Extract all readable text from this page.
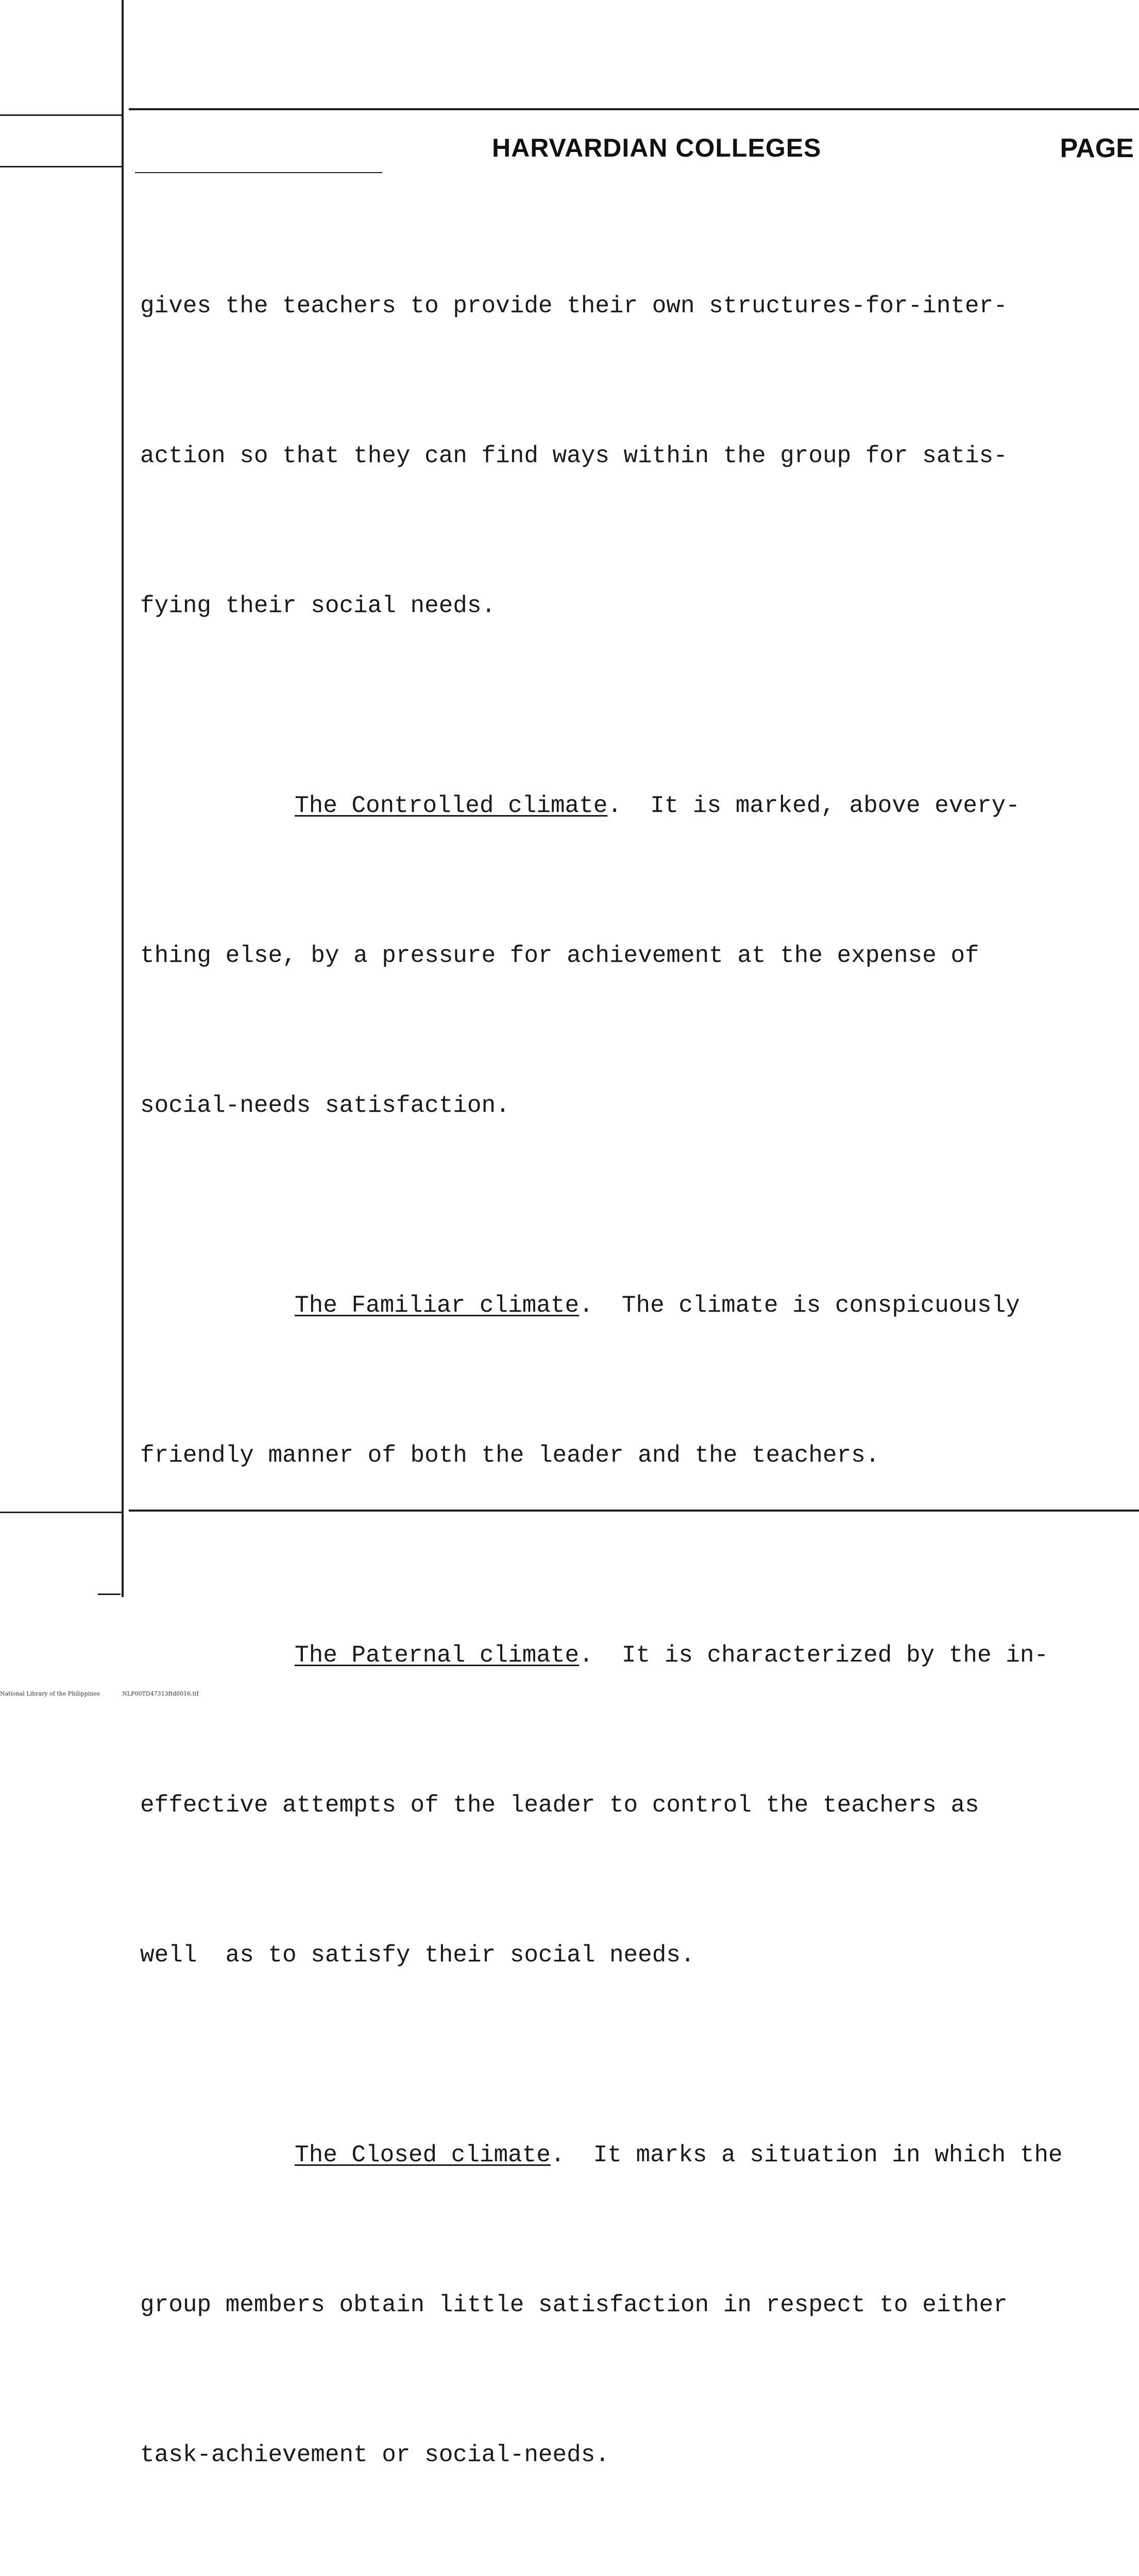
HARVARDIAN COLLEGES	PAGE

gives the teachers to provide their own structures-for-inter-

action so that they can find ways within the group for satis-

fying their social needs.

The Controlled climate.  It is marked, above every-

thing else, by a pressure for achievement at the expense of

social-needs satisfaction.

The Familiar climate.  The climate is conspicuously

friendly manner of both the leader and the teachers.

The Paternal climate.  It is characterized by the in-

effective attempts of the leader to control the teachers as

well  as to satisfy their social needs.

The Closed climate.  It marks a situation in which the

group members obtain little satisfaction in respect to either

task-achievement or social-needs.

National Library of the Philippines	NLP00TD47313ftd0016.tif
